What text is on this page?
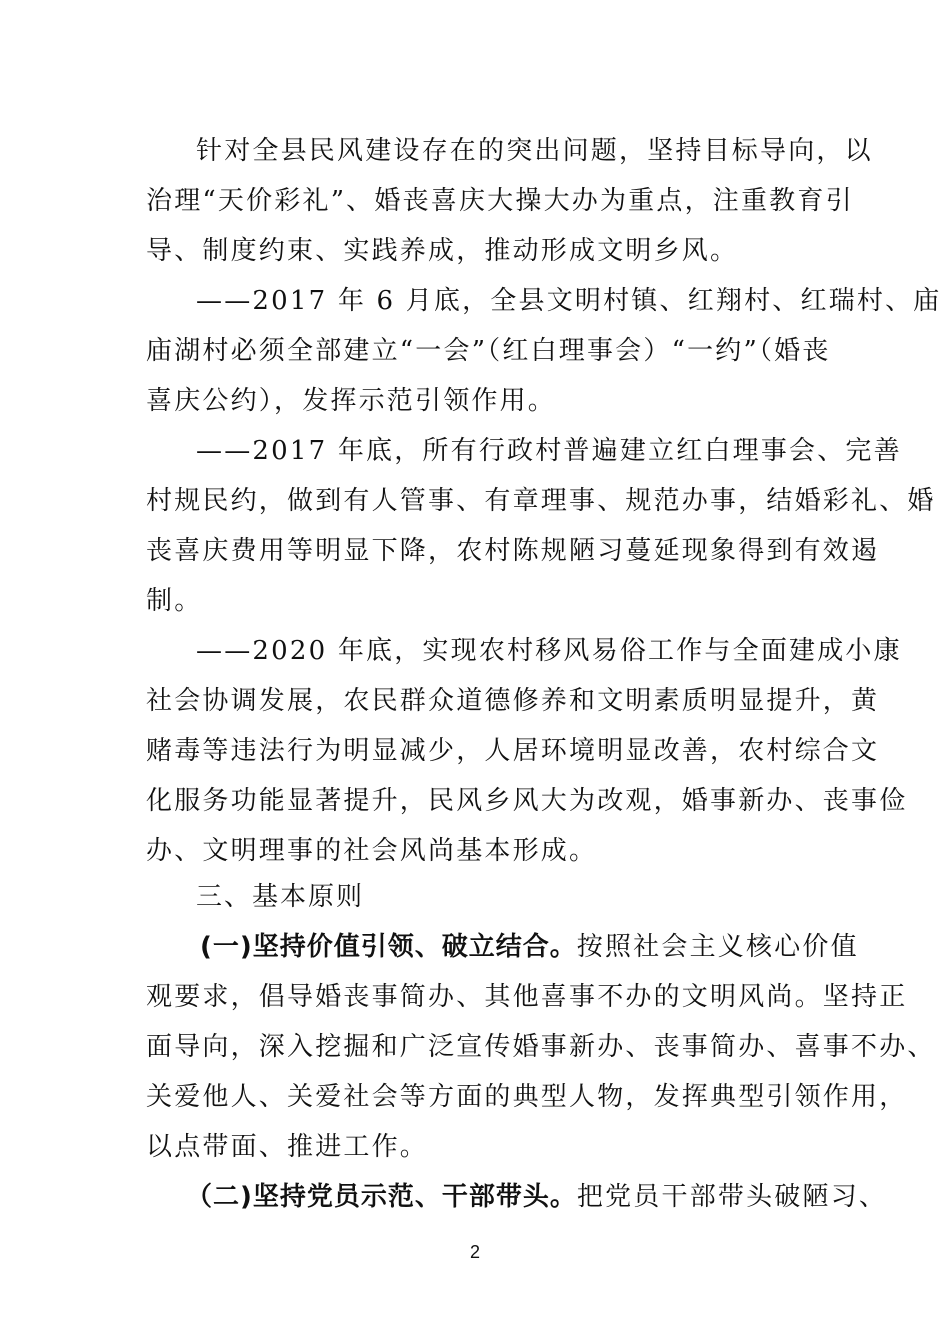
针对全县民风建设存在的突出问题，坚持目标导向，以
治理“天价彩礼”、婚丧喜庆大操大办为重点，注重教育引
导、制度约束、实践养成，推动形成文明乡风。
——2017 年 6 月底，全县文明村镇、红翔村、红瑞村、庙
庙湖村必须全部建立“一会”（红白理事会）“一约”（婚丧
喜庆公约），发挥示范引领作用。
——2017 年底，所有行政村普遍建立红白理事会、完善
村规民约，做到有人管事、有章理事、规范办事，结婚彩礼、婚
丧喜庆费用等明显下降，农村陈规陋习蔓延现象得到有效遏
制。
——2020 年底，实现农村移风易俗工作与全面建成小康
社会协调发展，农民群众道德修养和文明素质明显提升，黄
赌毒等违法行为明显减少，人居环境明显改善，农村综合文
化服务功能显著提升，民风乡风大为改观，婚事新办、丧事俭
办、文明理事的社会风尚基本形成。
三、基本原则
(一)坚持价值引领、破立结合。按照社会主义核心价值
观要求，倡导婚丧事简办、其他喜事不办的文明风尚。坚持正
面导向，深入挖掘和广泛宣传婚事新办、丧事简办、喜事不办、
关爱他人、关爱社会等方面的典型人物，发挥典型引领作用，
以点带面、推进工作。
（二)坚持党员示范、干部带头。把党员干部带头破陋习、
2
